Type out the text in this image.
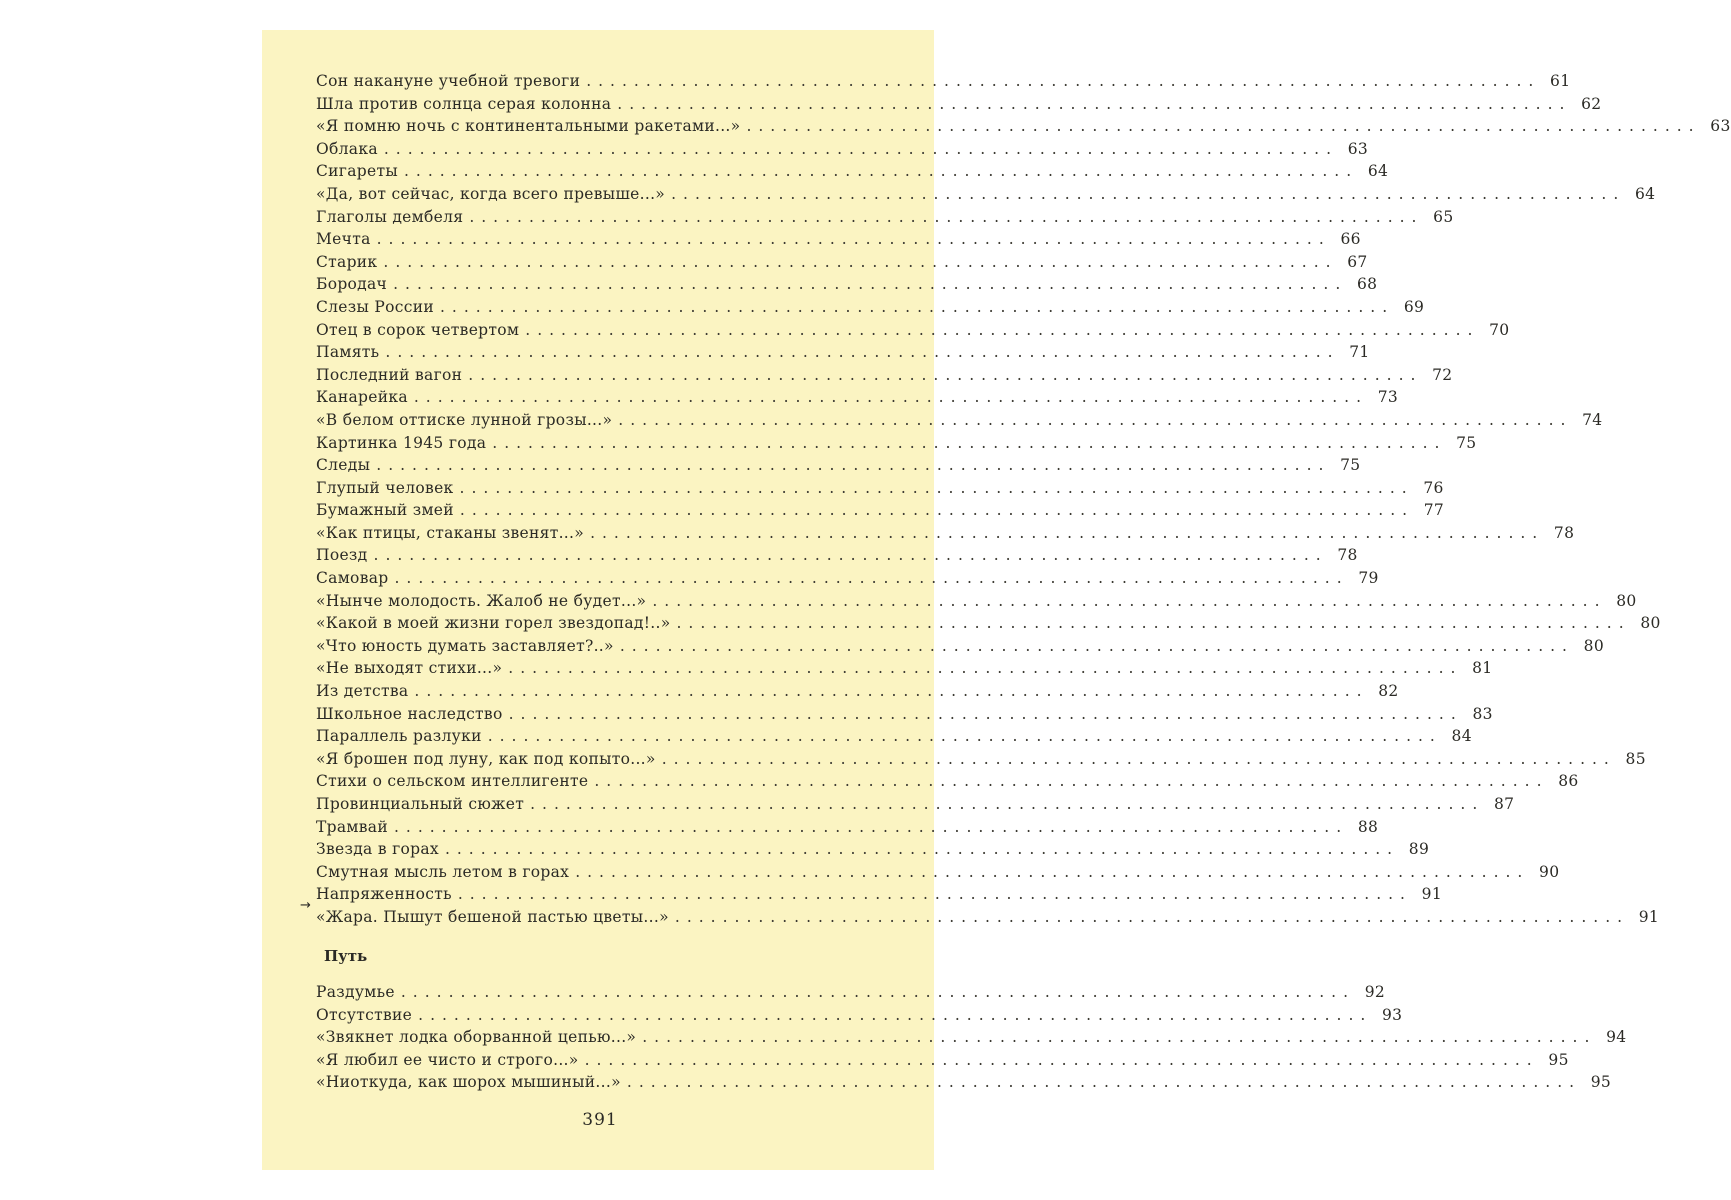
Сон накануне учебной тревоги ................................................................................ 61
Шла против солнца серая колонна ................................................................................ 62
«Я помню ночь с континентальными ракетами...» ................................................................................ 63
Облака ................................................................................ 63
Сигареты ................................................................................ 64
«Да, вот сейчас, когда всего превыше...» ................................................................................ 64
Глаголы дембеля ................................................................................ 65
Мечта ................................................................................ 66
Старик ................................................................................ 67
Бородач ................................................................................ 68
Слезы России ................................................................................ 69
Отец в сорок четвертом ................................................................................ 70
Память ................................................................................ 71
Последний вагон ................................................................................ 72
Канарейка ................................................................................ 73
«В белом оттиске лунной грозы...» ................................................................................ 74
Картинка 1945 года ................................................................................ 75
Следы ................................................................................ 75
Глупый человек ................................................................................ 76
Бумажный змей ................................................................................ 77
«Как птицы, стаканы звенят...» ................................................................................ 78
Поезд ................................................................................ 78
Самовар ................................................................................ 79
«Нынче молодость. Жалоб не будет...» ................................................................................ 80
«Какой в моей жизни горел звездопад!..» ................................................................................ 80
«Что юность думать заставляет?..» ................................................................................ 80
«Не выходят стихи...» ................................................................................ 81
Из детства ................................................................................ 82
Школьное наследство ................................................................................ 83
Параллель разлуки ................................................................................ 84
«Я брошен под луну, как под копыто...» ................................................................................ 85
Стихи о сельском интеллигенте ................................................................................ 86
Провинциальный сюжет ................................................................................ 87
Трамвай ................................................................................ 88
Звезда в горах ................................................................................ 89
Смутная мысль летом в горах ................................................................................ 90
Напряженность ................................................................................ 91
«Жара. Пышут бешеной пастью цветы...» ................................................................................ 91
→
Путь
Раздумье ................................................................................ 92
Отсутствие ................................................................................ 93
«Звякнет лодка оборванной цепью...» ................................................................................ 94
«Я любил ее чисто и строго...» ................................................................................ 95
«Ниоткуда, как шорох мышиный...» ................................................................................ 95
391
